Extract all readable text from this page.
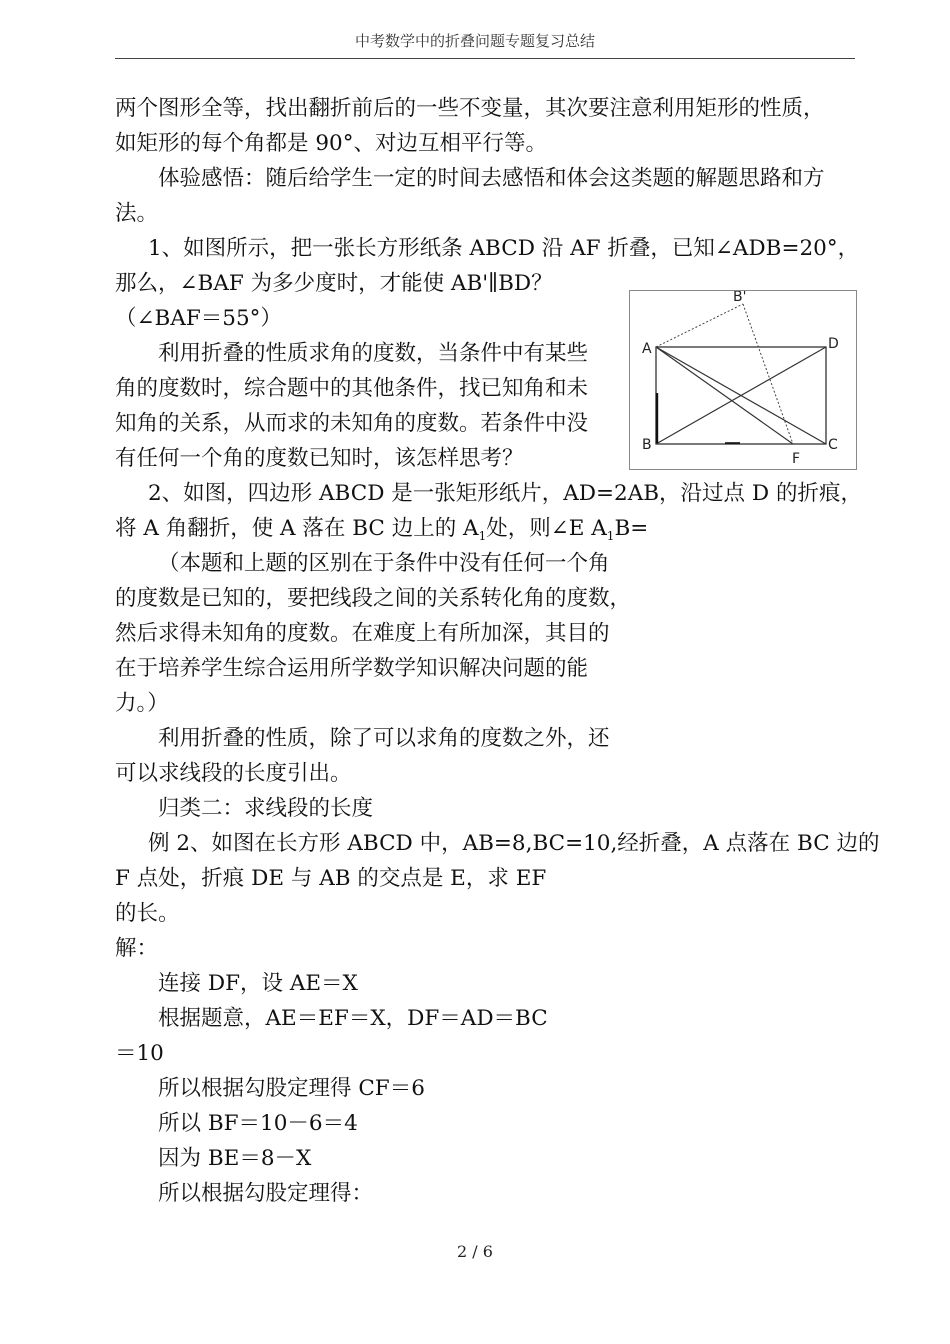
中考数学中的折叠问题专题复习总结
两个图形全等，找出翻折前后的一些不变量，其次要注意利用矩形的性质，
如矩形的每个角都是 90°、对边互相平行等。
体验感悟：随后给学生一定的时间去感悟和体会这类题的解题思路和方
法。
1、如图所示，把一张长方形纸条 ABCD 沿 AF 折叠，已知∠ADB=20°，
那么，∠BAF 为多少度时，才能使 AB'∥BD？
（∠BAF＝55°）
利用折叠的性质求角的度数，当条件中有某些
角的度数时，综合题中的其他条件，找已知角和未
知角的关系，从而求的未知角的度数。若条件中没
有任何一个角的度数已知时，该怎样思考？
2、如图，四边形 ABCD 是一张矩形纸片，AD=2AB，沿过点 D 的折痕，
将 A 角翻折，使 A 落在 BC 边上的 $A_1$处，则∠E $A_1B=$
（本题和上题的区别在于条件中没有任何一个角
的度数是已知的，要把线段之间的关系转化角的度数，
然后求得未知角的度数。在难度上有所加深，其目的
在于培养学生综合运用所学数学知识解决问题的能
力。）
利用折叠的性质，除了可以求角的度数之外，还
可以求线段的长度引出。
归类二：求线段的长度
例 2、如图在长方形 ABCD 中，AB=8,BC=10,经折叠，A 点落在 BC 边的
F 点处，折痕 DE 与 AB 的交点是 E，求 EF
的长。
解：
连接 DF，设 AE＝X
根据题意，AE＝EF＝X，DF＝AD＝BC
＝10
所以根据勾股定理得 CF＝6
所以 BF＝10－6＝4
因为 BE＝8－X
所以根据勾股定理得：
A
B	C
D
F
B'
2 / 6
